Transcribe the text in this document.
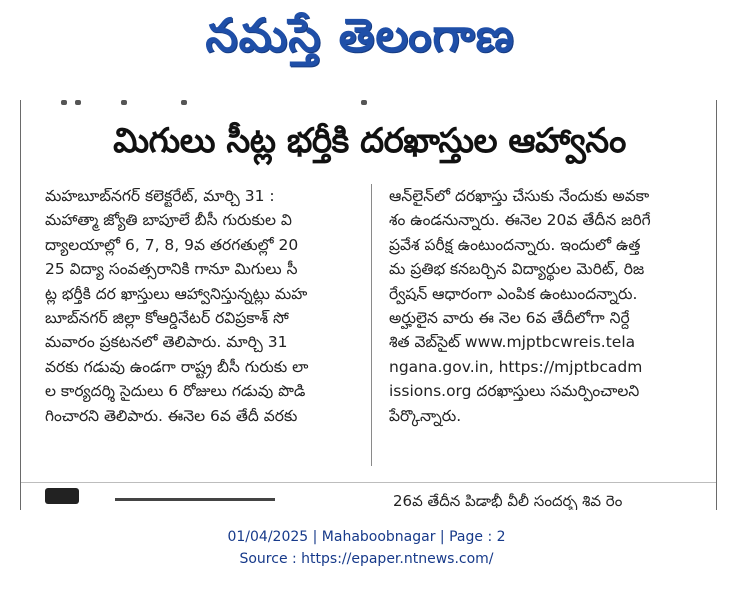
నమస్తే తెలంగాణ
మిగులు సీట్ల భర్తీకి దరఖాస్తుల ఆహ్వానం
మహబూబ్‌నగర్ కలెక్టరేట్, మార్చి 31 :
మహాత్మా జ్యోతి బాపూలే బీసీ గురుకుల వి
ద్యాలయాల్లో 6, 7, 8, 9వ తరగతుల్లో 20
25 విద్యా సంవత్సరానికి గానూ మిగులు సీ
ట్ల భర్తీకి దర ఖాస్తులు ఆహ్వానిస్తున్నట్లు మహ
బూబ్‌నగర్ జిల్లా కోఆర్డినేటర్ రవిప్రకాశ్ సో
మవారం ప్రకటనలో తెలిపారు. మార్చి 31
వరకు గడువు ఉండగా రాష్ట్ర బీసీ గురుకు లా
ల కార్యదర్శి సైదులు 6 రోజులు గడువు పొడి
గించారని తెలిపారు. ఈనెల 6వ తేదీ వరకు
ఆన్‌లైన్‌లో దరఖాస్తు చేసుకు నేందుకు అవకా
శం ఉండనున్నారు. ఈనెల 20వ తేదీన జరిగే
ప్రవేశ పరీక్ష ఉంటుందన్నారు. ఇందులో ఉత్త
మ ప్రతిభ కనబర్చిన విద్యార్థుల మెరిట్, రిజ
ర్వేషన్ ఆధారంగా ఎంపిక ఉంటుందన్నారు.
అర్హులైన వారు ఈ నెల 6వ తేదీలోగా నిర్దే
శిత వెబ్‌సైట్ www.mjptbcwreis.tela
ngana.gov.in, https://mjptbcadm
issions.org దరఖాస్తులు సమర్పించాలని
పేర్కొన్నారు.
26వ తేదీన పిడాభీ వీలీ సందర్భ శివ రెం
01/04/2025 | Mahaboobnagar | Page : 2
Source : https://epaper.ntnews.com/
